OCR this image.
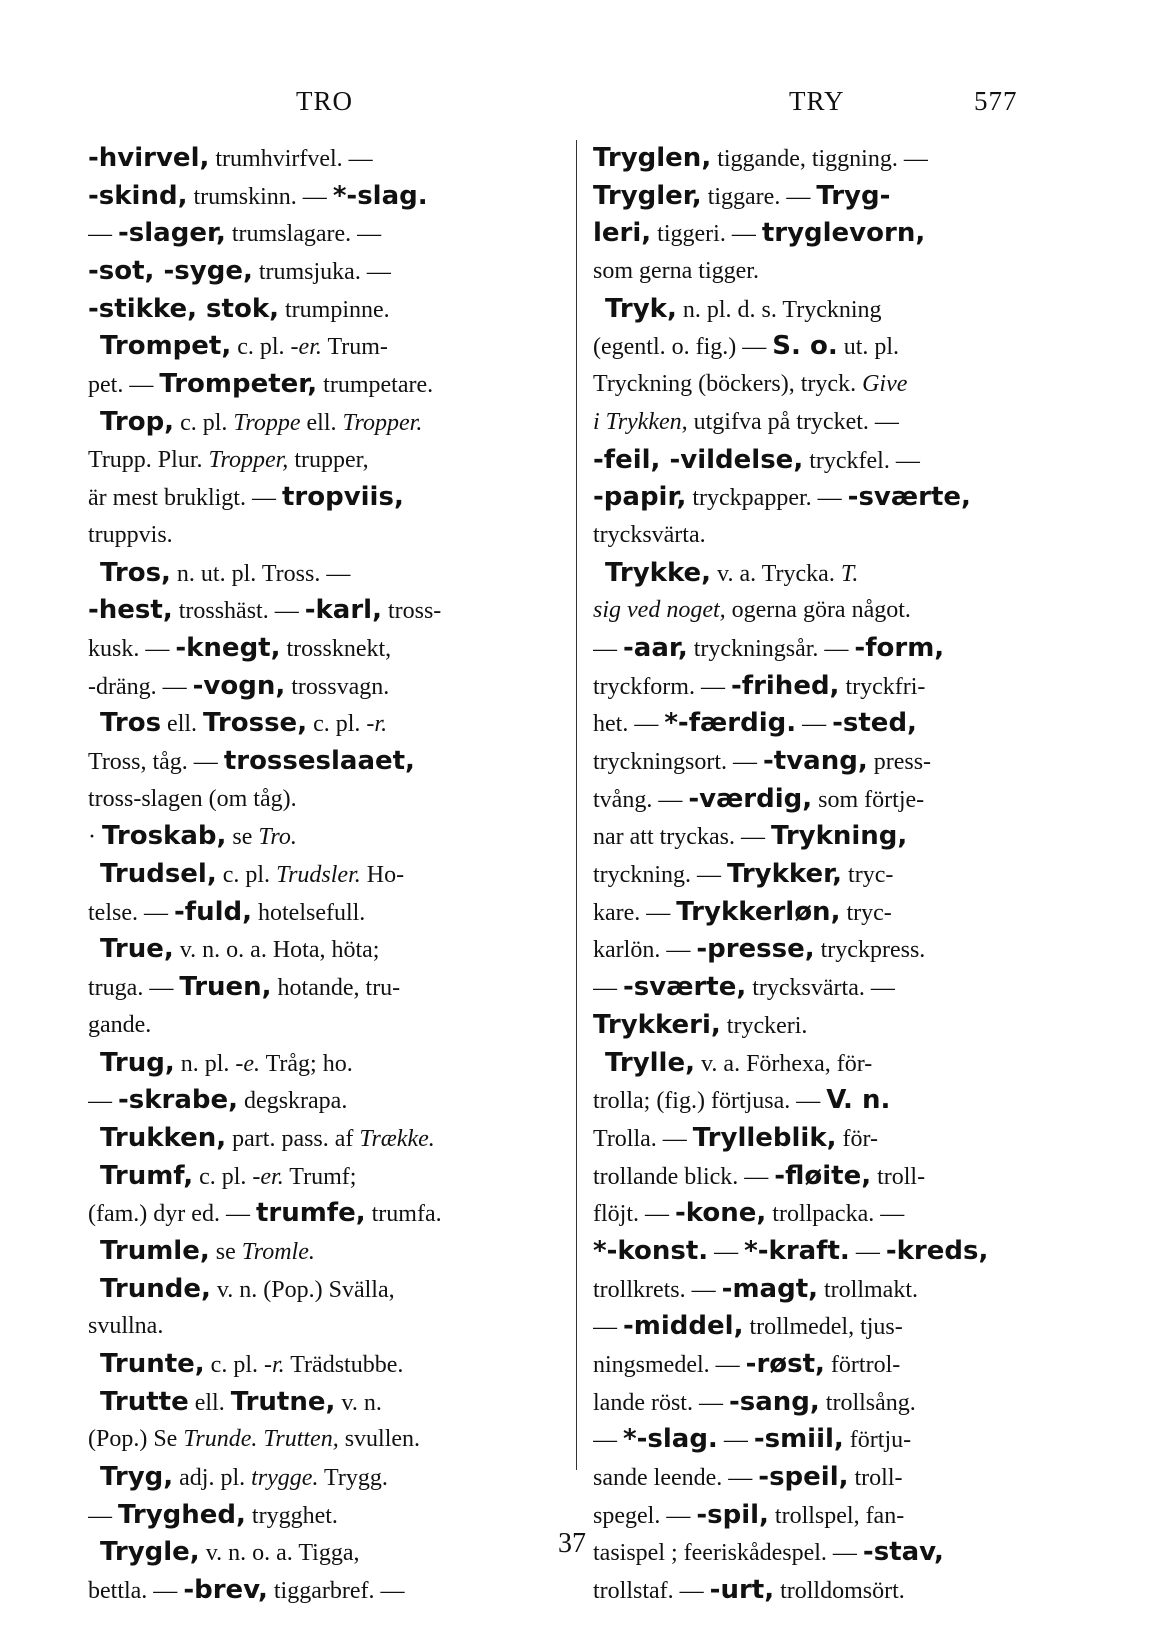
TRO	TRY	577
-hvirvel, trumhvirfvel. —
-skind, trumskinn. — *-slag.
— -slager, trumslagare. —
-sot, -syge, trumsjuka. —
-stikke, stok, trumpinne.
Trompet, c. pl. -er. Trum-
pet. — Trompeter, trumpetare.
Trop, c. pl. Troppe ell. Tropper.
Trupp. Plur. Tropper, trupper,
är mest brukligt. — tropviis,
truppvis.
Tros, n. ut. pl. Tross. —
-hest, trosshäst. — -karl, tross-
kusk. — -knegt, trossknekt,
-dräng. — -vogn, trossvagn.
Tros ell. Trosse, c. pl. -r.
Tross, tåg. — trosseslaaet,
tross-slagen (om tåg).
· Troskab, se Tro.
Trudsel, c. pl. Trudsler. Ho-
telse. — -fuld, hotelsefull.
True, v. n. o. a. Hota, höta;
truga. — Truen, hotande, tru-
gande.
Trug, n. pl. -e. Tråg; ho.
— -skrabe, degskrapa.
Trukken, part. pass. af Trække.
Trumf, c. pl. -er. Trumf;
(fam.) dyr ed. — trumfe, trumfa.
Trumle, se Tromle.
Trunde, v. n. (Pop.) Svälla,
svullna.
Trunte, c. pl. -r. Trädstubbe.
Trutte ell. Trutne, v. n.
(Pop.) Se Trunde. Trutten, svullen.
Tryg, adj. pl. trygge. Trygg.
— Tryghed, trygghet.
Trygle, v. n. o. a. Tigga,
bettla. — -brev, tiggarbref. —
Tryglen, tiggande, tiggning. —
Trygler, tiggare. — Tryg-
leri, tiggeri. — tryglevorn,
som gerna tigger.
Tryk, n. pl. d. s. Tryckning
(egentl. o. fig.) — S. o. ut. pl.
Tryckning (böckers), tryck. Give
i Trykken, utgifva på trycket. —
-feil, -vildelse, tryckfel. —
-papir, tryckpapper. — -sværte,
trycksvärta.
Trykke, v. a. Trycka. T.
sig ved noget, ogerna göra något.
— -aar, tryckningsår. — -form,
tryckform. — -frihed, tryckfri-
het. — *-færdig. — -sted,
tryckningsort. — -tvang, press-
tvång. — -værdig, som förtje-
nar att tryckas. — Trykning,
tryckning. — Trykker, tryc-
kare. — Trykkerløn, tryc-
karlön. — -presse, tryckpress.
— -sværte, trycksvärta. —
Trykkeri, tryckeri.
Trylle, v. a. Förhexa, för-
trolla; (fig.) förtjusa. — V. n.
Trolla. — Trylleblik, för-
trollande blick. — -fløite, troll-
flöjt. — -kone, trollpacka. —
*-konst. — *-kraft. — -kreds,
trollkrets. — -magt, trollmakt.
— -middel, trollmedel, tjus-
ningsmedel. — -røst, förtrol-
lande röst. — -sang, trollsång.
— *-slag. — -smiil, förtju-
sande leende. — -speil, troll-
spegel. — -spil, trollspel, fan-
tasispel ; feeriskådespel. — -stav,
trollstaf. — -urt, trolldomsört.
37
